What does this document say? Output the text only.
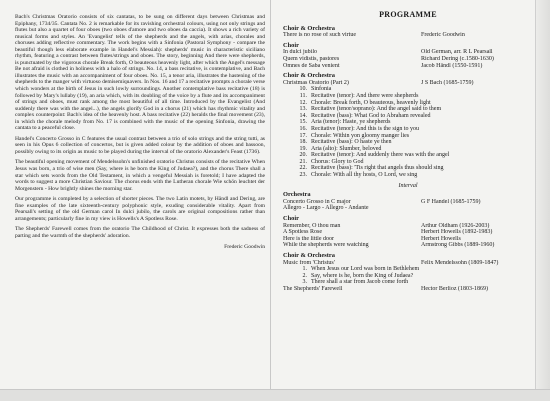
Bach's Christmas Oratorio consists of six cantatas, to be sung on different days between Christmas and Epiphany, 1734/35. Cantata No. 2 is remarkable for its ravishing orchestral colours, using not only strings and flutes but also a quartet of four oboes (two oboes d'amore and two oboes da caccia). It shows a rich variety of musical forms and styles. An 'Evangelist' tells of the shepherds and the angels, with arias, chorales and choruses adding reflective commentary. The work begins with a Sinfonia (Pastoral Symphony - compare the beautiful though less elaborate example in Handel's Messiah): shepherds' music in characteristic siciliano rhythm, featuring a contrast between flutes/strings and oboes. The story, beginning And there were shepherds, is punctuated by the vigorous chorale Break forth, O beauteous heavenly light, after which the Angel's message Be not afraid is clothed in holiness with a halo of strings. No. 14, a bass recitative, is contemplative, and Bach illustrates the music with an accompaniment of four oboes. No. 15, a tenor aria, illustrates the hastening of the shepherds to the manger with virtuoso demisemiquavers. In Nos. 16 and 17 a recitative prompts a chorale verse which wonders at the birth of Jesus in such lowly surroundings. Another contemplative bass recitative (18) is followed by Mary's lullaby (19), an aria which, with its doubling of the voice by a flute and its accompaniment of strings and oboes, must rank among the most beautiful of all time. Introduced by the Evangelist (And suddenly there was with the angel...), the angels glorify God in a chorus (21) which has rhythmic vitality and complex counterpoint: Bach's idea of the heavenly host. A bass recitative (22) heralds the final movement (23), in which the chorale melody from No. 17 is combined with the music of the opening Sinfonia, drawing the cantata to a peaceful close.

Handel's Concerto Grosso in C features the usual contrast between a trio of solo strings and the string tutti, as seen in his Opus 6 collection of concertos, but is given added colour by the addition of oboes and bassoon, possibly owing to its origin as music to be played during the interval of the oratorio Alexander's Feast (1736).

The beautiful opening movement of Mendelssohn's unfinished oratorio Christus consists of the recitative When Jesus was born, a trio of wise men (Say, where is he born the King of Judaea?), and the chorus There shall a star which sets words from the Old Testament, in which a vengeful Messiah is foretold; I have adapted the words to suggest a more Christian Saviour. The chorus ends with the Lutheran chorale Wie schön leuchtet der Morgenstern - How brightly shines the morning star.

Our programme is completed by a selection of shorter pieces. The two Latin motets, by Händl and Dering, are fine examples of the late sixteenth-century polyphonic style, exuding considerable vitality. Apart from Pearsall's setting of the old German carol In dulci jubilo, the carols are original compositions rather than arrangements; particularly fine in my view is Howells's A Spotless Rose.

The Shepherds' Farewell comes from the oratorio The Childhood of Christ. It expresses both the sadness of parting and the warmth of the shepherds' adoration.

Frederic Goodwin

PROGRAMME
Choir & Orchestra
There is no rose of such virtue	Frederic Goodwin
Choir
In dulci jubilo	Old German, arr. R L Pearsall
Quem vidistis, pastores	Richard Dering (c.1580-1630)
Omnes de Saba venient	Jacob Händl (1550-1591)
Choir & Orchestra
Christmas Oratorio (Part 2)	J S Bach (1685-1759)
10. Sinfonia
11. Recitative (tenor): And there were shepherds
12. Chorale: Break forth, O beauteous, heavenly light
13. Recitative (tenor/soprano): And the angel said to them
14. Recitative (bass): What God to Abraham revealed
15. Aria (tenor): Haste, ye shepherds
16. Recitative (tenor): And this is the sign to you
17. Chorale: Within yon gloomy manger lies
18. Recitative (bass): O haste ye then
19. Aria (alto): Slumber, beloved
20. Recitative (tenor): And suddenly there was with the angel
21. Chorus: Glory to God
22. Recitative (bass): 'Tis right that angels thus should sing
23. Chorale: With all thy hosts, O Lord, we sing
Interval
Orchestra
Concerto Grosso in C major	G F Handel (1685-1759)
Allegro - Largo - Allegro - Andante
Choir
Remember, O thou man	Arthur Oldham (1926-2003)
A Spotless Rose	Herbert Howells (1892-1983)
Here is the little door	Herbert Howells
While the shepherds were watching	Armstrong Gibbs (1889-1960)
Choir & Orchestra
Music from 'Christus'	Felix Mendelssohn (1809-1847)
1. When Jesus our Lord was born in Bethlehem
2. Say, where is he, born the King of Judaea?
3. There shall a star from Jacob come forth
The Shepherds' Farewell	Hector Berlioz (1803-1869)
